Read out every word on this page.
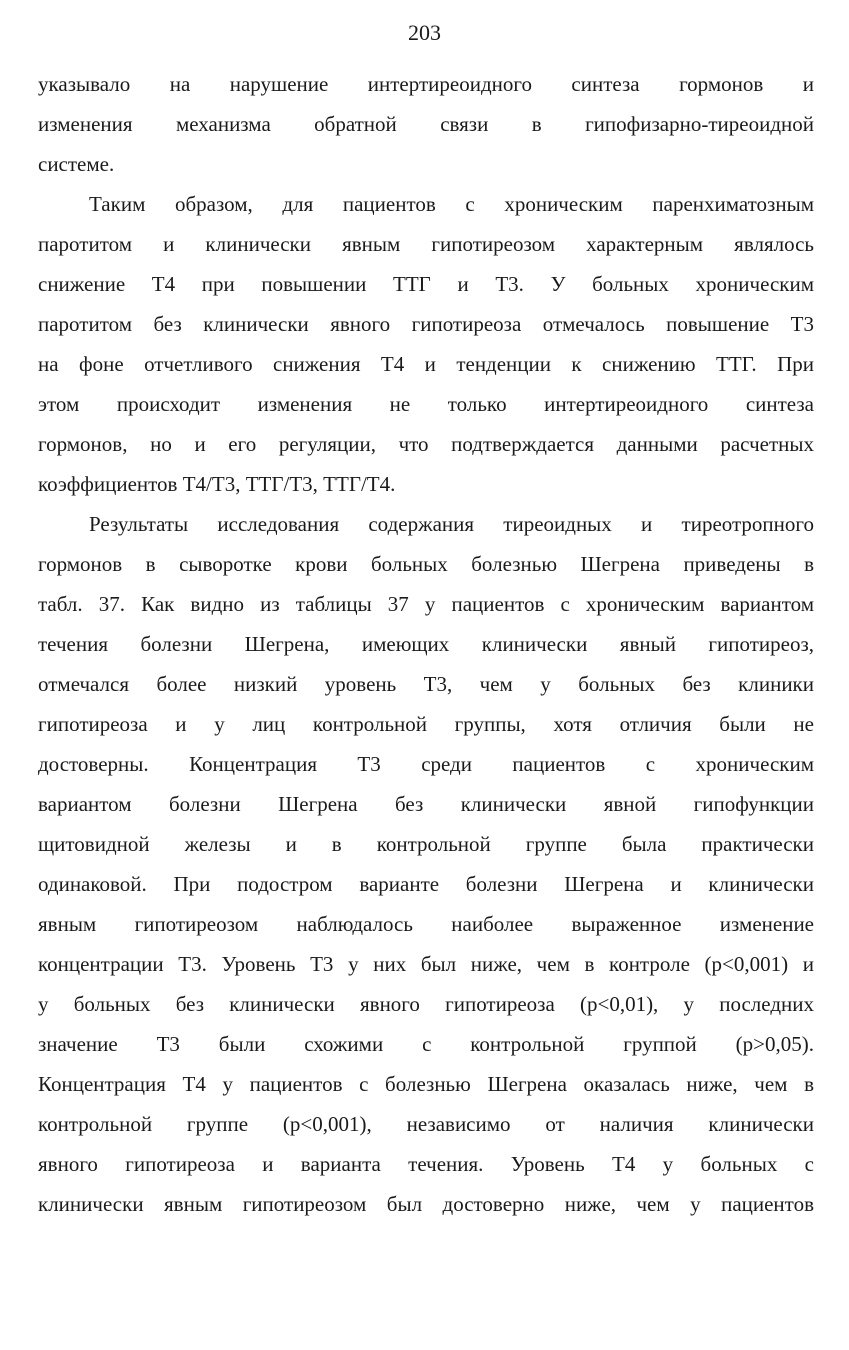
203
указывало на нарушение интертиреоидного синтеза гормонов и
изменения механизма обратной связи в гипофизарно-тиреоидной
системе.
Таким образом, для пациентов с хроническим паренхиматозным
паротитом и клинически явным гипотиреозом характерным являлось
снижение Т4 при повышении ТТГ и Т3. У больных хроническим
паротитом без клинически явного гипотиреоза отмечалось повышение Т3
на фоне отчетливого снижения Т4 и тенденции к снижению ТТГ. При
этом происходит изменения не только интертиреоидного синтеза
гормонов, но и его регуляции, что подтверждается данными расчетных
коэффициентов Т4/Т3, ТТГ/Т3, ТТГ/Т4.
Результаты исследования содержания тиреоидных и тиреотропного
гормонов в сыворотке крови больных болезнью Шегрена приведены в
табл. 37. Как видно из таблицы 37 у пациентов с хроническим вариантом
течения болезни Шегрена, имеющих клинически явный гипотиреоз,
отмечался более низкий уровень Т3, чем у больных без клиники
гипотиреоза и у лиц контрольной группы, хотя отличия были не
достоверны. Концентрация Т3 среди пациентов с хроническим
вариантом болезни Шегрена без клинически явной гипофункции
щитовидной железы и в контрольной группе была практически
одинаковой. При подостром варианте болезни Шегрена и клинически
явным гипотиреозом наблюдалось наиболее выраженное изменение
концентрации Т3. Уровень Т3 у них был ниже, чем в контроле (р<0,001) и
у больных без клинически явного гипотиреоза (р<0,01), у последних
значение Т3 были схожими с контрольной группой (р>0,05).
Концентрация Т4 у пациентов с болезнью Шегрена оказалась ниже, чем в
контрольной группе (р<0,001), независимо от наличия клинически
явного гипотиреоза и варианта течения. Уровень Т4 у больных с
клинически явным гипотиреозом был достоверно ниже, чем у пациентов
